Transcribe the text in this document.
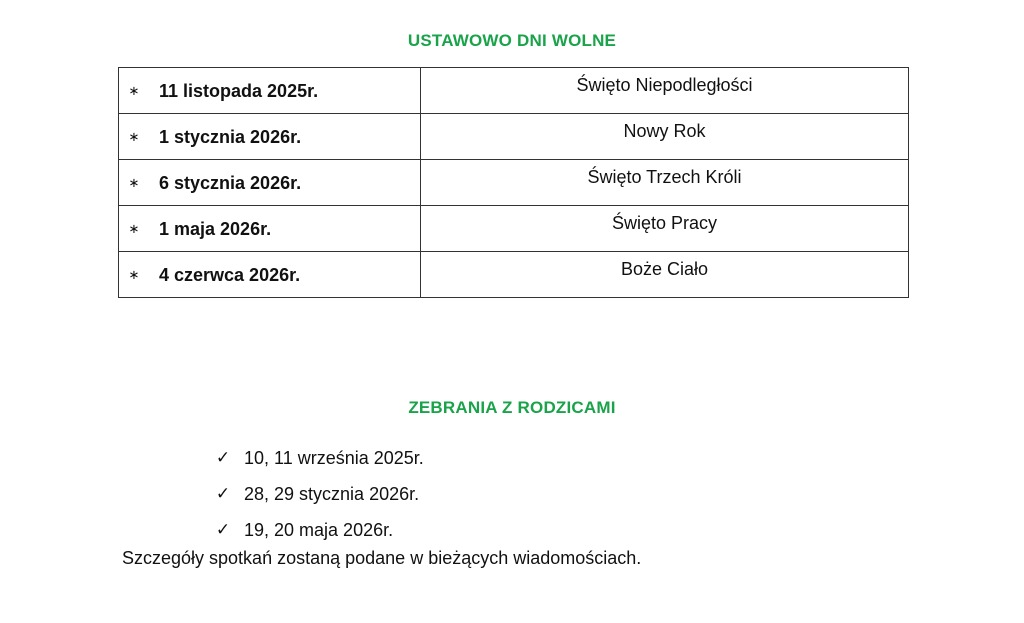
USTAWOWO DNI WOLNE
∗ 11 listopada 2025r.	Święto Niepodległości
∗ 1 stycznia 2026r.	Nowy Rok
∗ 6 stycznia 2026r.	Święto Trzech Króli
∗ 1 maja 2026r.	Święto Pracy
∗ 4 czerwca 2026r.	Boże Ciało
ZEBRANIA Z RODZICAMI
✓ 10, 11 września 2025r.
✓ 28, 29 stycznia 2026r.
✓ 19, 20 maja 2026r.
Szczegóły spotkań zostaną podane w bieżących wiadomościach.
